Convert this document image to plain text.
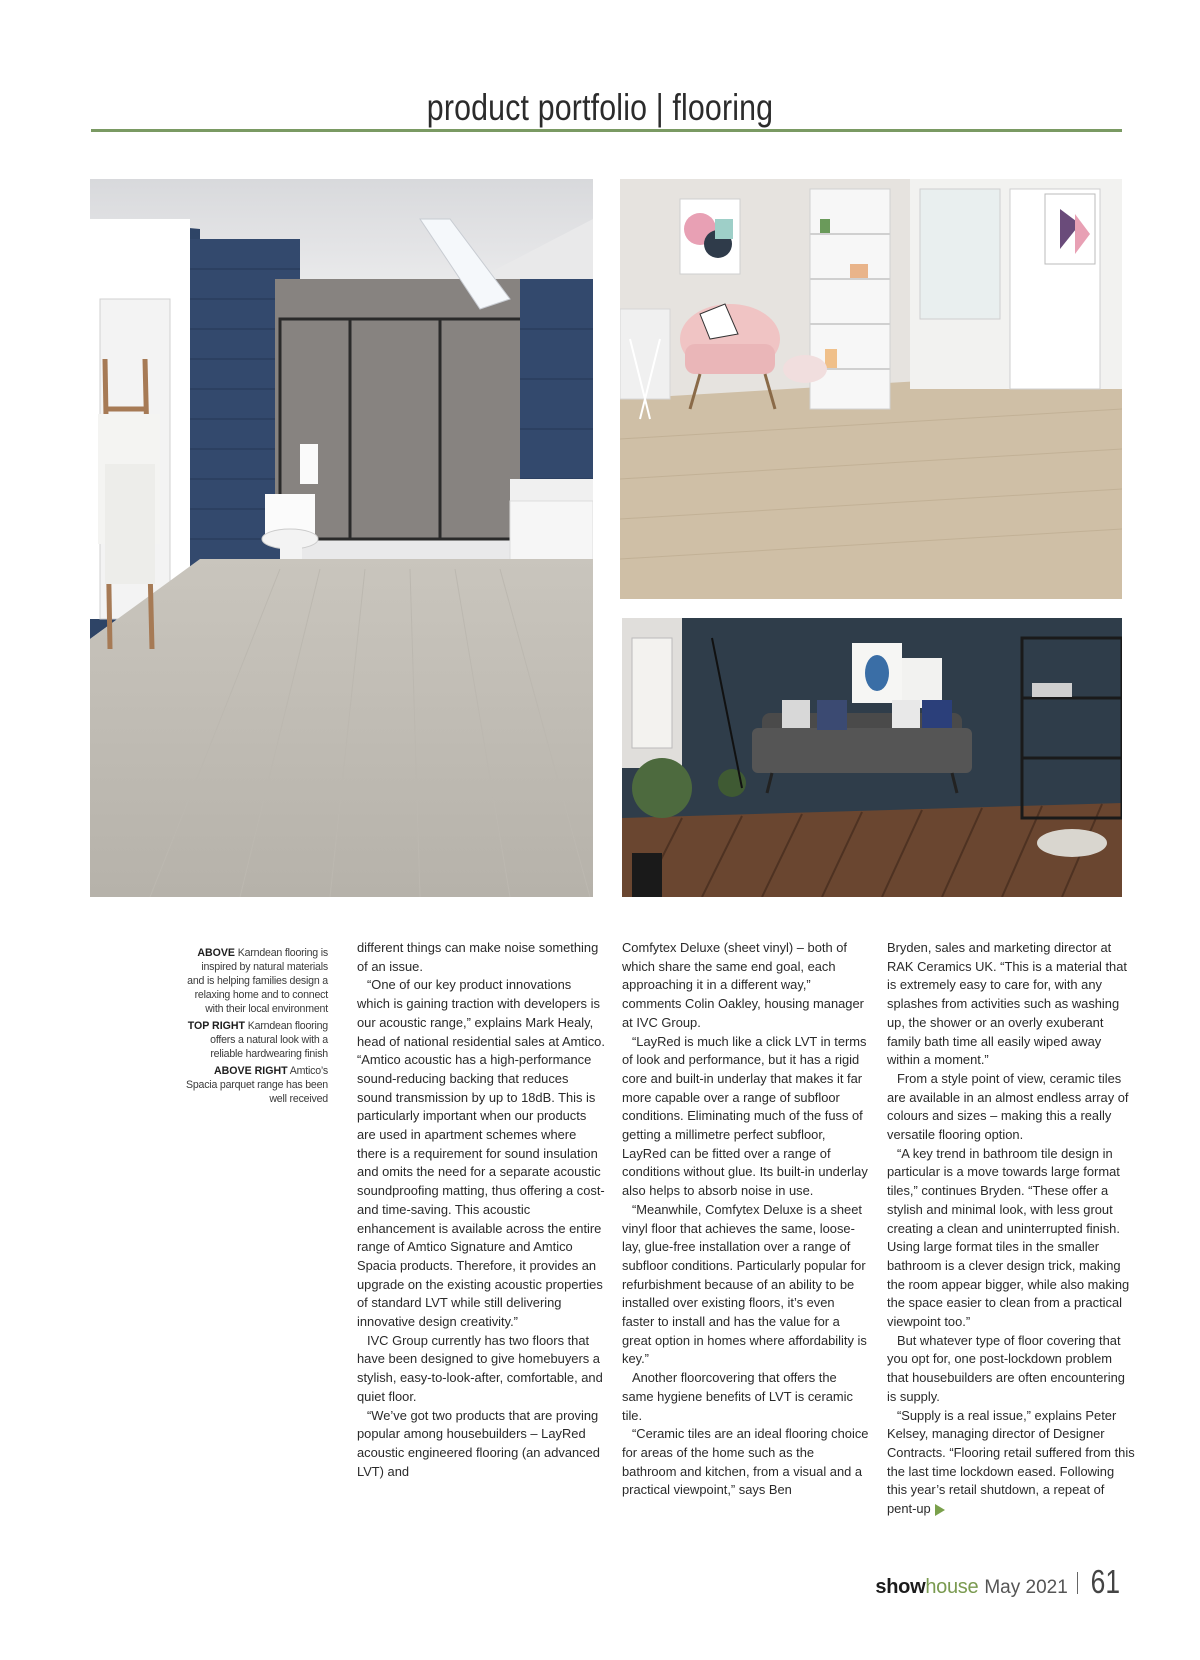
product portfolio | flooring

ABOVE Karndean flooring is inspired by natural materials and is helping families design a relaxing home and to connect with their local environment

TOP RIGHT Karndean flooring offers a natural look with a reliable hardwearing finish

ABOVE RIGHT Amtico’s Spacia parquet range has been well received

different things can make noise something of an issue.

“One of our key product innovations which is gaining traction with developers is our acoustic range,” explains Mark Healy, head of national residential sales at Amtico. “Amtico acoustic has a high-performance sound-reducing backing that reduces sound transmission by up to 18dB. This is particularly important when our products are used in apartment schemes where there is a requirement for sound insulation and omits the need for a separate acoustic soundproofing matting, thus offering a cost- and time-saving. This acoustic enhancement is available across the entire range of Amtico Signature and Amtico Spacia products. Therefore, it provides an upgrade on the existing acoustic properties of standard LVT while still delivering innovative design creativity.”

IVC Group currently has two floors that have been designed to give homebuyers a stylish, easy-to-look-after, comfortable, and quiet floor.

“We’ve got two products that are proving popular among housebuilders – LayRed acoustic engineered flooring (an advanced LVT) and

Comfytex Deluxe (sheet vinyl) – both of which share the same end goal, each approaching it in a different way,” comments Colin Oakley, housing manager at IVC Group.

“LayRed is much like a click LVT in terms of look and performance, but it has a rigid core and built-in underlay that makes it far more capable over a range of subfloor conditions. Eliminating much of the fuss of getting a millimetre perfect subfloor, LayRed can be fitted over a range of conditions without glue. Its built-in underlay also helps to absorb noise in use.

“Meanwhile, Comfytex Deluxe is a sheet vinyl floor that achieves the same, loose-lay, glue-free installation over a range of subfloor conditions. Particularly popular for refurbishment because of an ability to be installed over existing floors, it’s even faster to install and has the value for a great option in homes where affordability is key.”

Another floorcovering that offers the same hygiene benefits of LVT is ceramic tile.

“Ceramic tiles are an ideal flooring choice for areas of the home such as the bathroom and kitchen, from a visual and a practical viewpoint,” says Ben

Bryden, sales and marketing director at RAK Ceramics UK. “This is a material that is extremely easy to care for, with any splashes from activities such as washing up, the shower or an overly exuberant family bath time all easily wiped away within a moment.”

From a style point of view, ceramic tiles are available in an almost endless array of colours and sizes – making this a really versatile flooring option.

“A key trend in bathroom tile design in particular is a move towards large format tiles,” continues Bryden. “These offer a stylish and minimal look, with less grout creating a clean and uninterrupted finish. Using large format tiles in the smaller bathroom is a clever design trick, making the room appear bigger, while also making the space easier to clean from a practical viewpoint too.”

But whatever type of floor covering that you opt for, one post-lockdown problem that housebuilders are often encountering is supply.

“Supply is a real issue,” explains Peter Kelsey, managing director of Designer Contracts. “Flooring retail suffered from this the last time lockdown eased. Following this year’s retail shutdown, a repeat of pent-up

showhouse May 2021 61
